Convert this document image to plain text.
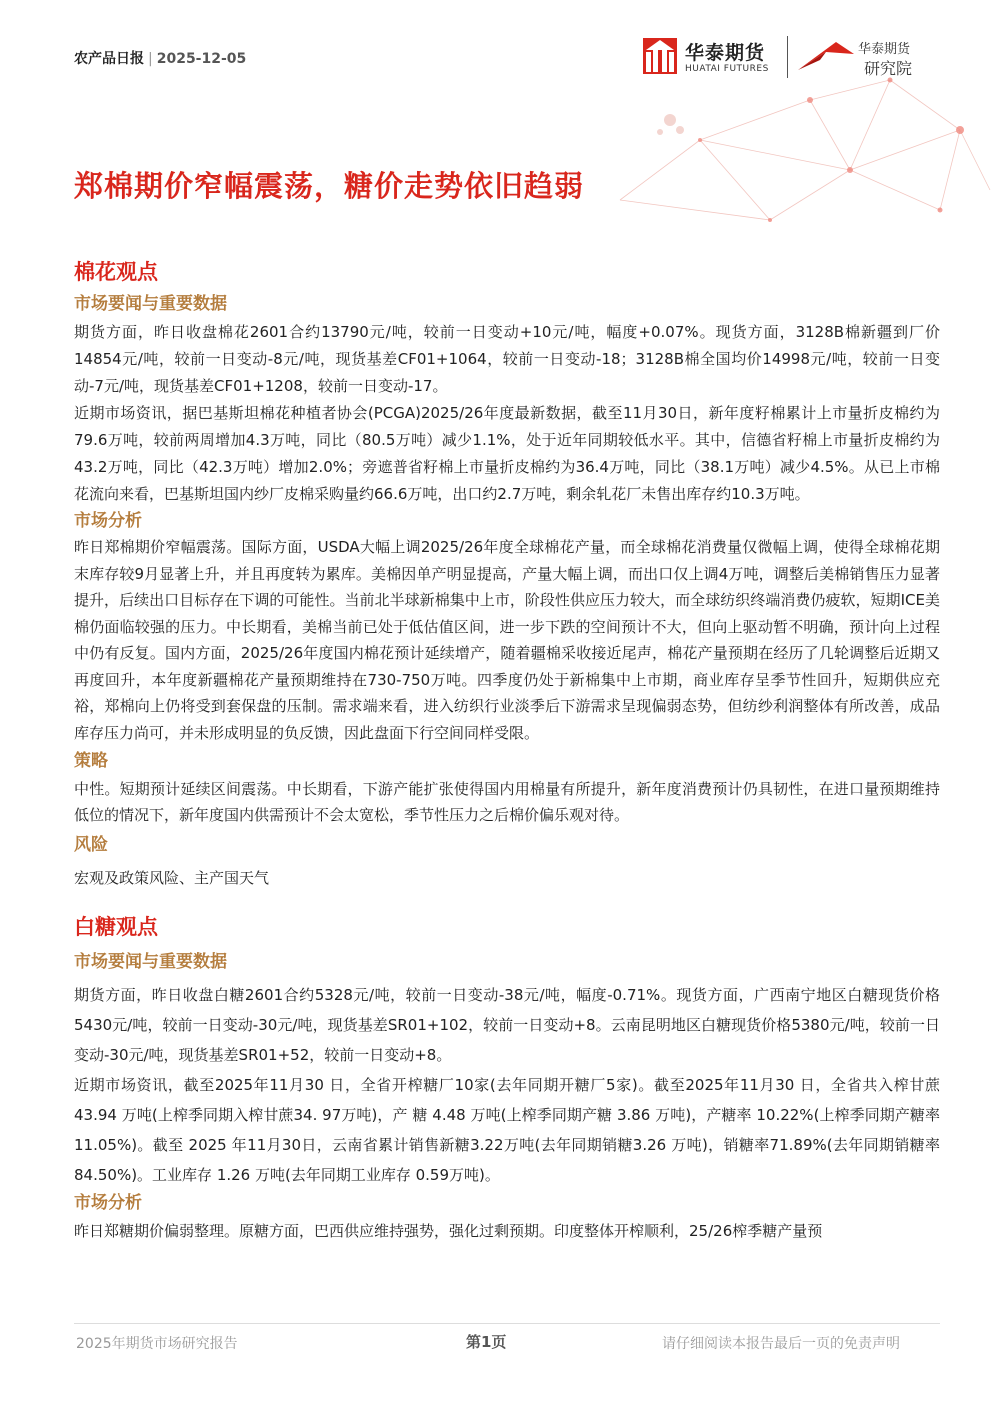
农产品日报 | 2025-12-05	华泰期货
HUATAI FUTURES
华泰期货
研究院
郑棉期价窄幅震荡，糖价走势依旧趋弱
棉花观点
市场要闻与重要数据

期货方面，昨日收盘棉花2601合约13790元/吨，较前一日变动+10元/吨，幅度+0.07%。现货方面，3128B棉新疆到厂价14854元/吨，较前一日变动-8元/吨，现货基差CF01+1064，较前一日变动-18；3128B棉全国均价14998元/吨，较前一日变动-7元/吨，现货基差CF01+1208，较前一日变动-17。

近期市场资讯，据巴基斯坦棉花种植者协会(PCGA)2025/26年度最新数据，截至11月30日，新年度籽棉累计上市量折皮棉约为79.6万吨，较前两周增加4.3万吨，同比（80.5万吨）减少1.1%，处于近年同期较低水平。其中，信德省籽棉上市量折皮棉约为43.2万吨，同比（42.3万吨）增加2.0%；旁遮普省籽棉上市量折皮棉约为36.4万吨，同比（38.1万吨）减少4.5%。从已上市棉花流向来看，巴基斯坦国内纱厂皮棉采购量约66.6万吨，出口约2.7万吨，剩余轧花厂未售出库存约10.3万吨。

市场分析

昨日郑棉期价窄幅震荡。国际方面，USDA大幅上调2025/26年度全球棉花产量，而全球棉花消费量仅微幅上调，使得全球棉花期末库存较9月显著上升，并且再度转为累库。美棉因单产明显提高，产量大幅上调，而出口仅上调4万吨，调整后美棉销售压力显著提升，后续出口目标存在下调的可能性。当前北半球新棉集中上市，阶段性供应压力较大，而全球纺织终端消费仍疲软，短期ICE美棉仍面临较强的压力。中长期看，美棉当前已处于低估值区间，进一步下跌的空间预计不大，但向上驱动暂不明确，预计向上过程中仍有反复。国内方面，2025/26年度国内棉花预计延续增产，随着疆棉采收接近尾声，棉花产量预期在经历了几轮调整后近期又再度回升，本年度新疆棉花产量预期维持在730-750万吨。四季度仍处于新棉集中上市期，商业库存呈季节性回升，短期供应充裕，郑棉向上仍将受到套保盘的压制。需求端来看，进入纺织行业淡季后下游需求呈现偏弱态势，但纺纱利润整体有所改善，成品库存压力尚可，并未形成明显的负反馈，因此盘面下行空间同样受限。

策略

中性。短期预计延续区间震荡。中长期看，下游产能扩张使得国内用棉量有所提升，新年度消费预计仍具韧性，在进口量预期维持低位的情况下，新年度国内供需预计不会太宽松，季节性压力之后棉价偏乐观对待。

风险

宏观及政策风险、主产国天气

白糖观点
市场要闻与重要数据

期货方面，昨日收盘白糖2601合约5328元/吨，较前一日变动-38元/吨，幅度-0.71%。现货方面，广西南宁地区白糖现货价格5430元/吨，较前一日变动-30元/吨，现货基差SR01+102，较前一日变动+8。云南昆明地区白糖现货价格5380元/吨，较前一日变动-30元/吨，现货基差SR01+52，较前一日变动+8。

近期市场资讯，截至2025年11月30 日，全省开榨糖厂10家(去年同期开糖厂5家)。截至2025年11月30 日，全省共入榨甘蔗 43.94 万吨(上榨季同期入榨甘蔗34. 97万吨)，产 糖 4.48 万吨(上榨季同期产糖 3.86 万吨)，产糖率 10.22%(上榨季同期产糖率 11.05%)。截至 2025 年11月30日，云南省累计销售新糖3.22万吨(去年同期销糖3.26 万吨)，销糖率71.89%(去年同期销糖率84.50%)。工业库存 1.26 万吨(去年同期工业库存 0.59万吨)。

市场分析

昨日郑糖期价偏弱整理。原糖方面，巴西供应维持强势，强化过剩预期。印度整体开榨顺利，25/26榨季糖产量预

2025年期货市场研究报告	第1页	请仔细阅读本报告最后一页的免责声明
